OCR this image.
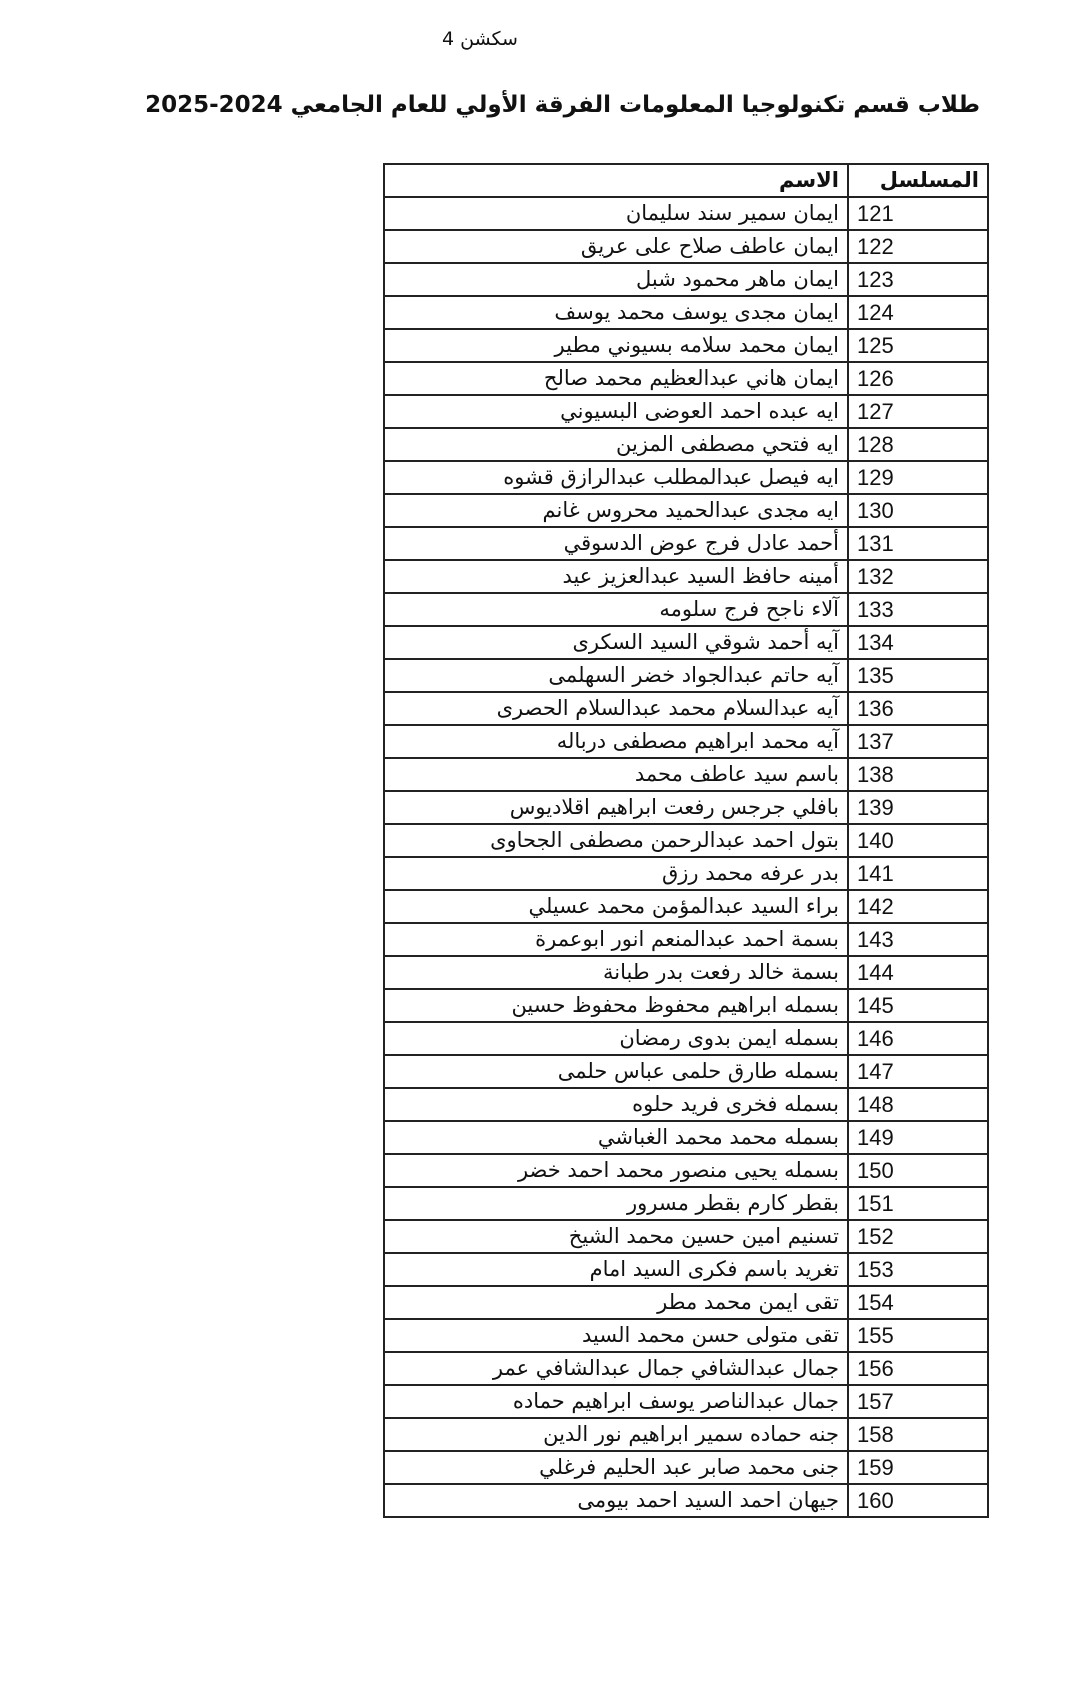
سكشن 4
طلاب قسم تكنولوجيا المعلومات الفرقة الأولي للعام الجامعي 2024-2025
المسلسل	الاسم
121	ايمان سمير سند سليمان
122	ايمان عاطف صلاح على عريق
123	ايمان ماهر محمود شبل
124	ايمان مجدى يوسف محمد يوسف
125	ايمان محمد سلامه بسيوني مطير
126	ايمان هاني عبدالعظيم محمد صالح
127	ايه عبده احمد العوضى البسيوني
128	ايه فتحي مصطفى المزين
129	ايه فيصل عبدالمطلب عبدالرازق قشوه
130	ايه مجدى عبدالحميد محروس غانم
131	أحمد عادل فرج عوض الدسوقي
132	أمينه حافظ السيد عبدالعزيز عيد
133	آلاء ناجح فرج سلومه
134	آيه أحمد شوقي السيد السكرى
135	آيه حاتم عبدالجواد خضر السهلمى
136	آيه عبدالسلام محمد عبدالسلام الحصرى
137	آيه محمد ابراهيم مصطفى درباله
138	باسم سيد عاطف محمد
139	بافلي جرجس رفعت ابراهيم اقلاديوس
140	بتول احمد عبدالرحمن مصطفى الجحاوى
141	بدر عرفه محمد رزق
142	براء السيد عبدالمؤمن محمد عسيلي
143	بسمة احمد عبدالمنعم انور ابوعمرة
144	بسمة خالد رفعت بدر طبانة
145	بسمله ابراهيم محفوظ محفوظ حسين
146	بسمله ايمن بدوى رمضان
147	بسمله طارق حلمى عباس حلمى
148	بسمله فخرى فريد حلوه
149	بسمله محمد محمد الغباشي
150	بسمله يحيى منصور محمد احمد خضر
151	بقطر كارم بقطر مسرور
152	تسنيم امين حسين محمد الشيخ
153	تغريد باسم فكرى السيد امام
154	تقى ايمن محمد مطر
155	تقى متولى حسن محمد السيد
156	جمال عبدالشافي جمال عبدالشافي عمر
157	جمال عبدالناصر يوسف ابراهيم حماده
158	جنه حماده سمير ابراهيم نور الدين
159	جنى محمد صابر عبد الحليم فرغلي
160	جيهان احمد السيد احمد بيومى
